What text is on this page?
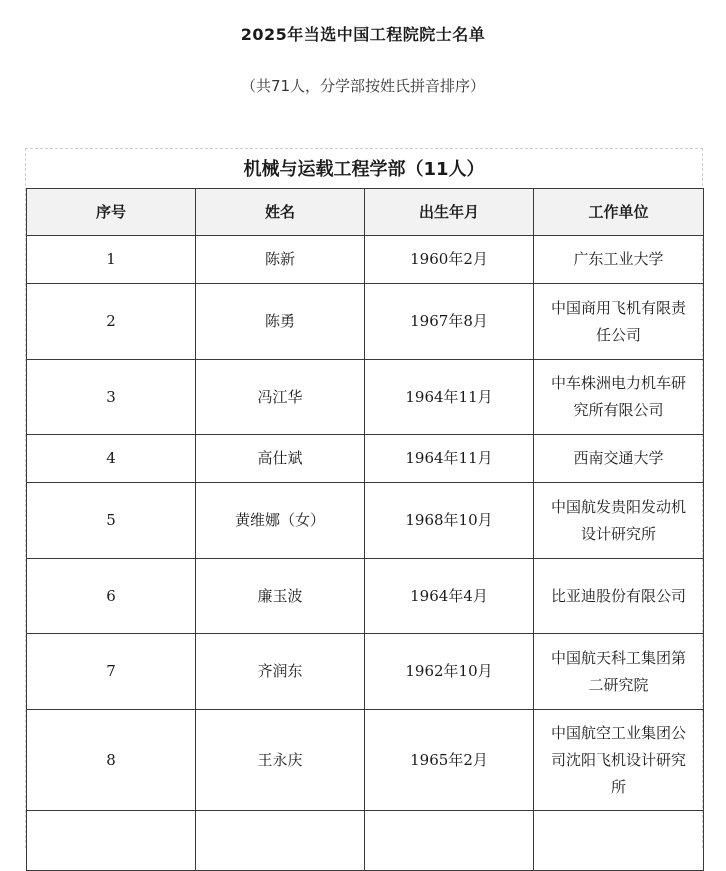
2025年当选中国工程院院士名单
（共71人，分学部按姓氏拼音排序）
机械与运载工程学部（11人）
序号	姓名	出生年月	工作单位
1	陈新	1960年2月	广东工业大学
2	陈勇	1967年8月	中国商用飞机有限责任公司
3	冯江华	1964年11月	中车株洲电力机车研究所有限公司
4	高仕斌	1964年11月	西南交通大学
5	黄维娜（女）	1968年10月	中国航发贵阳发动机设计研究所
6	廉玉波	1964年4月	比亚迪股份有限公司
7	齐润东	1962年10月	中国航天科工集团第二研究院
8	王永庆	1965年2月	中国航空工业集团公司沈阳飞机设计研究所
